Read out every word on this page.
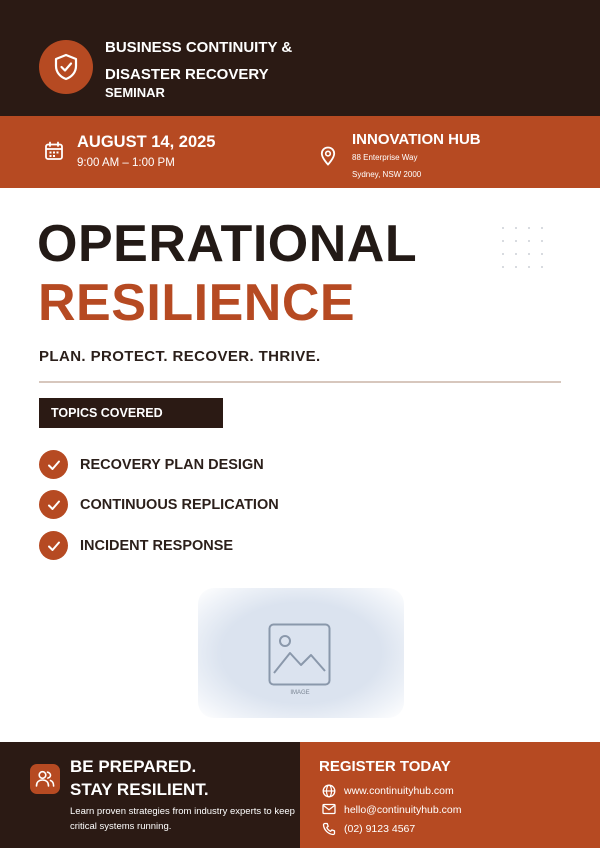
BUSINESS CONTINUITY &
DISASTER RECOVERY
SEMINAR
AUGUST 14, 2025
9:00 AM – 1:00 PM
INNOVATION HUB
88 Enterprise Way
Sydney, NSW 2000
OPERATIONAL
RESILIENCE
PLAN. PROTECT. RECOVER. THRIVE.
TOPICS COVERED
RECOVERY PLAN DESIGN
CONTINUOUS REPLICATION
INCIDENT RESPONSE
IMAGE
BE PREPARED.
STAY RESILIENT.
Learn proven strategies from industry experts to keep critical systems running.
REGISTER TODAY
www.continuityhub.com
hello@continuityhub.com
(02) 9123 4567
